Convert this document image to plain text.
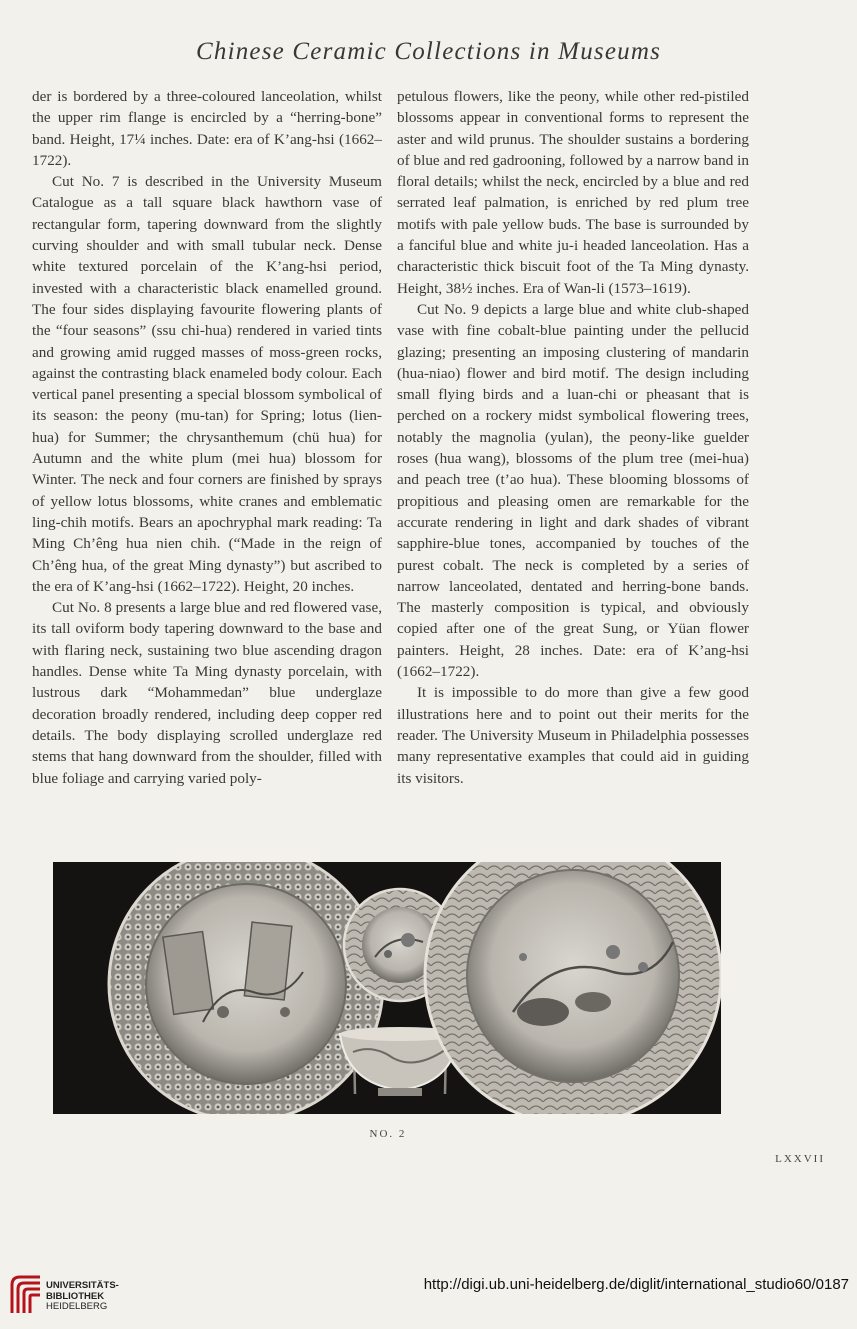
Chinese Ceramic Collections in Museums

der is bordered by a three-coloured lanceolation, whilst the upper rim flange is encircled by a “herring-bone” band. Height, 17¼ inches. Date: era of K’ang-hsi (1662–1722).

Cut No. 7 is described in the University Museum Catalogue as a tall square black hawthorn vase of rectangular form, tapering downward from the slightly curving shoulder and with small tubular neck. Dense white textured porcelain of the K’ang-hsi period, invested with a characteristic black enamelled ground. The four sides displaying favourite flowering plants of the “four seasons” (ssu chi-hua) rendered in varied tints and growing amid rugged masses of moss-green rocks, against the contrasting black enameled body colour. Each vertical panel presenting a special blossom symbolical of its season: the peony (mu-tan) for Spring; lotus (lien-hua) for Summer; the chrysanthemum (chü hua) for Autumn and the white plum (mei hua) blossom for Winter. The neck and four corners are finished by sprays of yellow lotus blossoms, white cranes and emblematic ling-chih motifs. Bears an apochryphal mark reading: Ta Ming Ch’êng hua nien chih. (“Made in the reign of Ch’êng hua, of the great Ming dynasty”) but ascribed to the era of K’ang-hsi (1662–1722). Height, 20 inches.

Cut No. 8 presents a large blue and red flowered vase, its tall oviform body tapering downward to the base and with flaring neck, sustaining two blue ascending dragon handles. Dense white Ta Ming dynasty porcelain, with lustrous dark “Mohammedan” blue underglaze decoration broadly rendered, including deep copper red details. The body displaying scrolled underglaze red stems that hang downward from the shoulder, filled with blue foliage and carrying varied poly-

petulous flowers, like the peony, while other red-pistiled blossoms appear in conventional forms to represent the aster and wild prunus. The shoulder sustains a bordering of blue and red gadrooning, followed by a narrow band in floral details; whilst the neck, encircled by a blue and red serrated leaf palmation, is enriched by red plum tree motifs with pale yellow buds. The base is surrounded by a fanciful blue and white ju-i headed lanceolation. Has a characteristic thick biscuit foot of the Ta Ming dynasty. Height, 38½ inches. Era of Wan-li (1573–1619).

Cut No. 9 depicts a large blue and white club-shaped vase with fine cobalt-blue painting under the pellucid glazing; presenting an imposing clustering of mandarin (hua-niao) flower and bird motif. The design including small flying birds and a luan-chi or pheasant that is perched on a rockery midst symbolical flowering trees, notably the magnolia (yulan), the peony-like guelder roses (hua wang), blossoms of the plum tree (mei-hua) and peach tree (t’ao hua). These blooming blossoms of propitious and pleasing omen are remarkable for the accurate rendering in light and dark shades of vibrant sapphire-blue tones, accompanied by touches of the purest cobalt. The neck is completed by a series of narrow lanceolated, dentated and herring-bone bands. The masterly composition is typical, and obviously copied after one of the great Sung, or Yüan flower painters. Height, 28 inches. Date: era of K’ang-hsi (1662–1722).

It is impossible to do more than give a few good illustrations here and to point out their merits for the reader. The University Museum in Philadelphia possesses many representative examples that could aid in guiding its visitors.

NO. 2
LXXVII
UNIVERSITÄTS-
BIBLIOTHEK
HEIDELBERG
http://digi.ub.uni-heidelberg.de/diglit/international_studio60/0187
